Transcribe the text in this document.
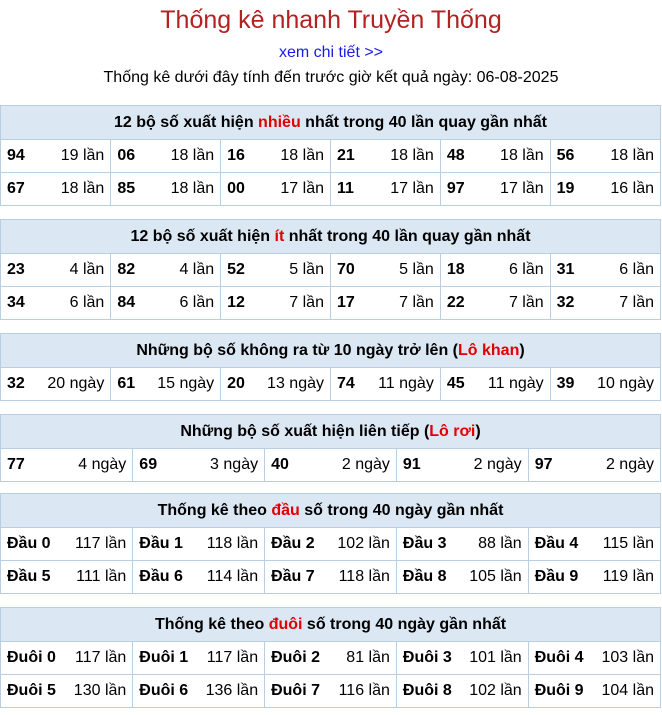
Thống kê nhanh Truyền Thống
xem chi tiết >>
Thống kê dưới đây tính đến trước giờ kết quả ngày: 06-08-2025
12 bộ số xuất hiện nhiều nhất trong 40 lần quay gần nhất
94 19 lần	06 18 lần	16 18 lần	21 18 lần	48 18 lần	56 18 lần

67 18 lần	85 18 lần	00 17 lần	11 17 lần	97 17 lần	19 16 lần
12 bộ số xuất hiện ít nhất trong 40 lần quay gần nhất
23 4 lần	82 4 lần	52 5 lần	70 5 lần	18 6 lần	31 6 lần

34 6 lần	84 6 lần	12 7 lần	17 7 lần	22 7 lần	32 7 lần
Những bộ số không ra từ 10 ngày trở lên (Lô khan)
32 20 ngày	61 15 ngày	20 13 ngày	74 11 ngày	45 11 ngày	39 10 ngày
Những bộ số xuất hiện liên tiếp (Lô rơi)
77	4 ngày	69	3 ngày	40	2 ngày	91	2 ngày	97	2 ngày
Thống kê theo đầu số trong 40 ngày gần nhất
Đầu 0 117 lần	Đầu 1 118 lần	Đầu 2 102 lần	Đầu 3 88 lần	Đầu 4 115 lần

Đầu 5 111 lần	Đầu 6 114 lần	Đầu 7 118 lần	Đầu 8 105 lần	Đầu 9 119 lần
Thống kê theo đuôi số trong 40 ngày gần nhất
Đuôi 0 117 lần	Đuôi 1 117 lần	Đuôi 2 81 lần	Đuôi 3 101 lần	Đuôi 4 103 lần

Đuôi 5 130 lần	Đuôi 6 136 lần	Đuôi 7 116 lần	Đuôi 8 102 lần	Đuôi 9 104 lần
